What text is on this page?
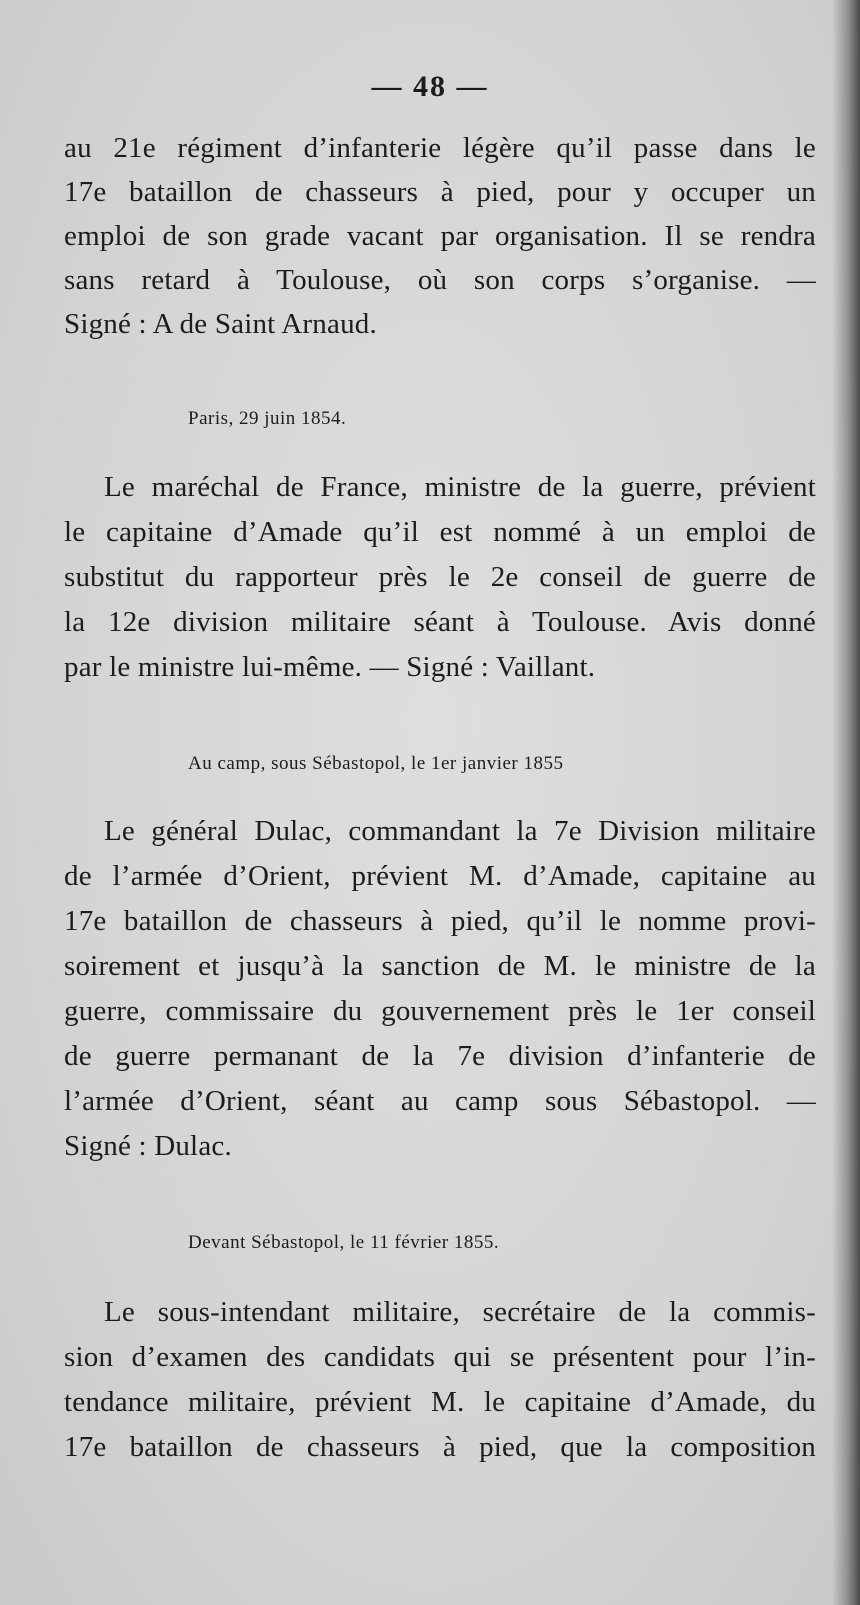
— 48 —
au 21e régiment d’infanterie légère qu’il passe dans le
17e bataillon de chasseurs à pied, pour y occuper un
emploi de son grade vacant par organisation. Il se rendra
sans retard à Toulouse, où son corps s’organise. —
Signé : A de Saint Arnaud.
Paris, 29 juin 1854.
Le maréchal de France, ministre de la guerre, prévient
le capitaine d’Amade qu’il est nommé à un emploi de
substitut du rapporteur près le 2e conseil de guerre de
la 12e division militaire séant à Toulouse. Avis donné
par le ministre lui-même. — Signé : Vaillant.
Au camp, sous Sébastopol, le 1er janvier 1855
Le général Dulac, commandant la 7e Division militaire
de l’armée d’Orient, prévient M. d’Amade, capitaine au
17e bataillon de chasseurs à pied, qu’il le nomme provi-
soirement et jusqu’à la sanction de M. le ministre de la
guerre, commissaire du gouvernement près le 1er conseil
de guerre permanant de la 7e division d’infanterie de
l’armée d’Orient, séant au camp sous Sébastopol. —
Signé : Dulac.
Devant Sébastopol, le 11 février 1855.
Le sous-intendant militaire, secrétaire de la commis-
sion d’examen des candidats qui se présentent pour l’in-
tendance militaire, prévient M. le capitaine d’Amade, du
17e bataillon de chasseurs à pied, que la composition
